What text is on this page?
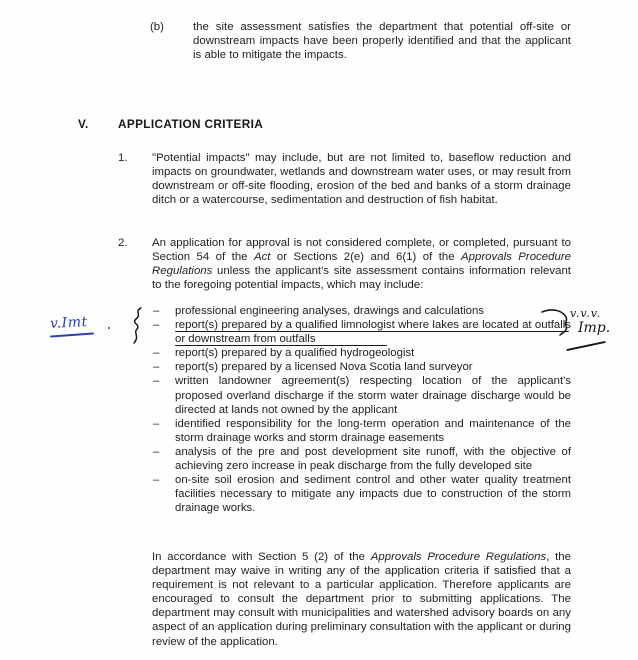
(b)	the site assessment satisfies the department that potential off-site or downstream impacts have been properly identified and that the applicant is able to mitigate the impacts.
V.	APPLICATION CRITERIA
1. "Potential impacts" may include, but are not limited to, baseflow reduction and impacts on groundwater, wetlands and downstream water uses, or may result from downstream or off-site flooding, erosion of the bed and banks of a storm drainage ditch or a watercourse, sedimentation and destruction of fish habitat.
2. An application for approval is not considered complete, or completed, pursuant to Section 54 of the Act or Sections 2(e) and 6(1) of the Approvals Procedure Regulations unless the applicant's site assessment contains information relevant to the foregoing potential impacts, which may include:
– professional engineering analyses, drawings and calculations
– report(s) prepared by a qualified limnologist where lakes are located at outfalls or downstream from outfalls
– report(s) prepared by a qualified hydrogeologist
– report(s) prepared by a licensed Nova Scotia land surveyor
– written landowner agreement(s) respecting location of the applicant's proposed overland discharge if the storm water drainage discharge would be directed at lands not owned by the applicant
– identified responsibility for the long-term operation and maintenance of the storm drainage works and storm drainage easements
– analysis of the pre and post development site runoff, with the objective of achieving zero increase in peak discharge from the fully developed site
– on-site soil erosion and sediment control and other water quality treatment facilities necessary to mitigate any impacts due to construction of the storm drainage works.
In accordance with Section 5 (2) of the Approvals Procedure Regulations, the department may waive in writing any of the application criteria if satisfied that a requirement is not relevant to a particular application. Therefore applicants are encouraged to consult the department prior to submitting applications. The department may consult with municipalities and watershed advisory boards on any aspect of an application during preliminary consultation with the applicant or during review of the application.
v.Imt
v.v.v.
Imp.
